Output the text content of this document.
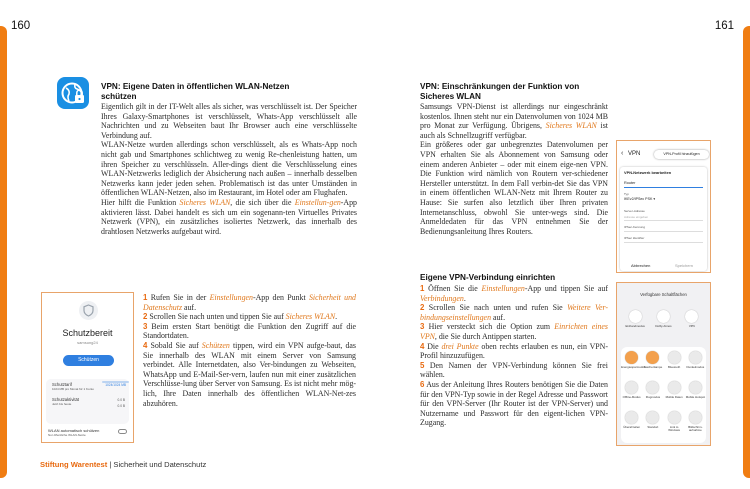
160	161
VPN: Eigene Daten in öffentlichen WLAN-Netzen
schützen

Eigentlich gilt in der IT-Welt alles als sicher, was verschlüsselt ist. Der Speicher Ihres Galaxy-Smartphones ist verschlüsselt, Whats-App verschlüsselt alle Nachrichten und zu Webseiten baut Ihr Browser auch eine verschlüsselte Verbindung auf.

WLAN-Netze wurden allerdings schon verschlüsselt, als es Whats-App noch nicht gab und Smartphones schlichtweg zu wenig Re-chenleistung hatten, um ihren Speicher zu verschlüsseln. Aller-dings dient die Verschlüsselung eines WLAN-Netzwerks lediglich der Absicherung nach außen – innerhalb desselben Netzwerks kann jeder jeden sehen. Problematisch ist das unter Umständen in öffentlichen WLAN-Netzen, also im Restaurant, im Hotel oder am Flughafen.

Hier hilft die Funktion Sicheres WLAN, die sich über die Einstellun-gen-App aktivieren lässt. Dabei handelt es sich um ein sogenann-ten Virtuelles Privates Netzwerk (VPN), ein zusätzliches isoliertes Netzwerk, das innerhalb des drahtlosen Netzwerks aufgebaut wird.

1 Rufen Sie in der Einstellungen-App den Punkt Sicherheit und Datenschutz auf.

2 Scrollen Sie nach unten und tippen Sie auf Sicheres WLAN.

3 Beim ersten Start benötigt die Funktion den Zugriff auf die Standortdaten.

4 Sobald Sie auf Schützen tippen, wird ein VPN aufge-baut, das Sie innerhalb des WLAN mit einem Server von Samsung verbindet. Alle Internetdaten, also Ver-bindungen zu Webseiten, WhatsApp und E-Mail-Ser-vern, laufen nun mit einer zusätzlichen Verschlüsse-lung über Server von Samsung. Es ist nicht mehr mög-lich, Ihre Daten innerhalb des öffentlichen WLAN-Net-zes abzuhören.

Schutzbereit
samsung24
Schützen
Schutztarif
1024 MB pro Monat für 1 Konto
1024/1024 MB
Schutzaktivität
Jetzt bis heute
0.0 B
0.0 B
WLAN automatisch schützen
Nur öffentliche WLAN-Netze
VPN: Einschränkungen der Funktion von
Sicheres WLAN

Samsungs VPN-Dienst ist allerdings nur eingeschränkt kostenlos. Ihnen steht nur ein Datenvolumen von 1024 MB pro Monat zur Verfügung. Übrigens, Sicheres WLAN ist auch als Schnellzugriff verfügbar.

Ein größeres oder gar unbegrenztes Datenvolumen per VPN erhalten Sie als Abonnement von Samsung oder einem anderen Anbieter – oder mit einem eige-nen VPN. Die Funktion wird nämlich von Routern ver-schiedener Hersteller unterstützt. In dem Fall verbin-det Sie das VPN in einem öffentlichen WLAN-Netz mit Ihrem Router zu Hause: Sie surfen also letztlich über Ihren privaten Internetanschluss, obwohl Sie unter-wegs sind. Die Anmeldedaten für das VPN entnehmen Sie der Bedienungsanleitung Ihres Routers.

Eigene VPN-Verbindung einrichten

1 Öffnen Sie die Einstellungen-App und tippen Sie auf Verbindungen.

2 Scrollen Sie nach unten und rufen Sie Weitere Ver-bindungseinstellungen auf.

3 Hier versteckt sich die Option zum Einrichten eines VPN, die Sie durch Antippen starten.

4 Die drei Punkte oben rechts erlauben es nun, ein VPN-Profil hinzuzufügen.

5 Den Namen der VPN-Verbindung können Sie frei wählen.

6 Aus der Anleitung Ihres Routers benötigen Sie die Daten für den VPN-Typ sowie in der Regel Adresse und Passwort für den VPN-Server (Ihr Router ist der VPN-Server) und Nutzername und Passwort für den eigent-lichen VPN-Zugang.

‹ VPN	VPN-Profil hinzufügen
VPN-Netzwerk bearbeiten
Router
Typ
IKEv2/IPSec PSK ▾
Server-Adresse
Adresse eingeben
IPSec-Kennung
IPSec Identifier
Abbrechen	Speichern
Verfügbare Schaltflächen
Einhandmodus	Dolby Atmos	VPN
Energiesparmodus
Taschenlampe	Bluetooth	Dunkelmodus
Offline-Modus	Flugmodus	Mobile Daten	Mobile Hotspot
Überall teilen	Standort	Link to Windows
Bildschirm-aufnahme
Stiftung Warentest | Sicherheit und Datenschutz
